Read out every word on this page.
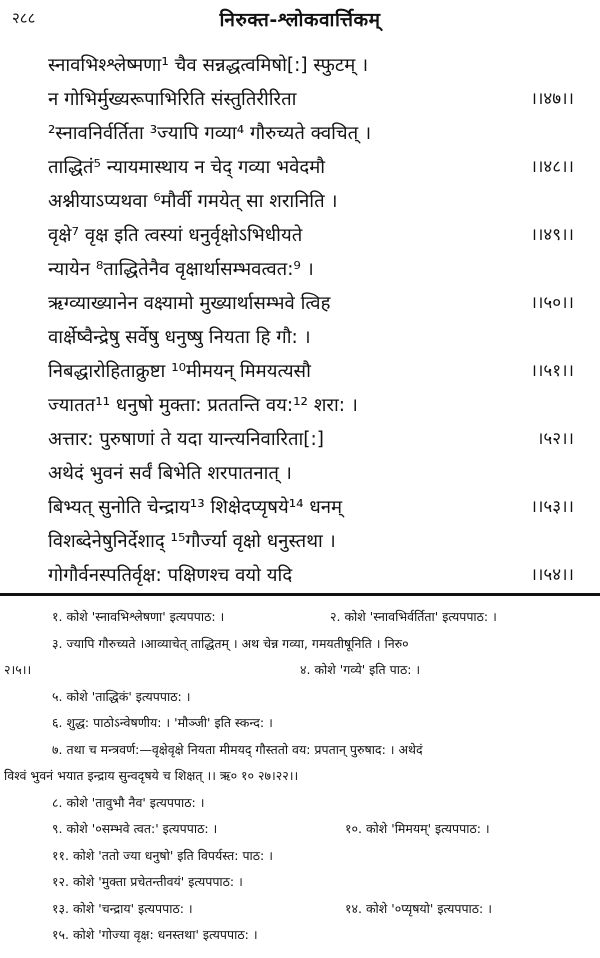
२८८	निरुक्त-श्लोकवार्त्तिकम्
स्नावभिश्श्लेष्मणा¹ चैव सन्नद्धत्वमिषो[:] स्फुटम् ।
न गोभिर्मुख्यरूपाभिरिति संस्तुतिरीरिता	।।४७।।
²स्नावनिर्वर्तिता ³ज्यापि गव्या⁴ गौरुच्यते क्वचित् ।
ताद्धितं⁵ न्यायमास्थाय न चेद् गव्या भवेदमौ	।।४८।।
अश्नीयाऽप्यथवा ⁶मौर्वी गमयेत् सा शरानिति ।
वृक्षे⁷ वृक्ष इति त्वस्यां धनुर्वृक्षोऽभिधीयते	।।४९।।
न्यायेन ⁸ताद्धितेनैव वृक्षार्थासम्भवत्वत:⁹ ।
ऋग्व्याख्यानेन वक्ष्यामो मुख्यार्थासम्भवे त्विह	।।५०।।
वार्क्षेष्वैन्द्रेषु सर्वेषु धनुष्षु नियता हि गौ: ।
निबद्धारोहिताक्रुष्टा ¹⁰मीमयन् मिमयत्यसौ	।।५१।।
ज्यातत¹¹ धनुषो मुक्ता: प्रततन्ति वय:¹² शरा: ।
अत्तार: पुरुषाणां ते यदा यान्त्यनिवारिता[:]	।५२।।
अथेदं भुवनं सर्वं बिभेति शरपातनात् ।
बिभ्यत् सुनोति चेन्द्राय¹³ शिक्षेदप्यृषये¹⁴ धनम्	।।५३।।
विशब्देनेषुनिर्देशाद् ¹⁵गौर्ज्या वृक्षो धनुस्तथा ।
गोगौर्वनस्पतिर्वृक्ष: पक्षिणश्च वयो यदि	।।५४।।
१. कोशे 'स्नावभिश्लेषणा' इत्यपपाठ: ।	२. कोशे 'स्नावभिर्वर्तिता' इत्यपपाठ: ।
३. ज्यापि गौरुच्यते ।आव्याचेत् ताद्धितम् । अथ चेन्न गव्या, गमयतीषूनिति । निरु०
२।५।।	४. कोशे 'गव्ये' इति पाठ: ।
५. कोशे 'ताद्धिकं' इत्यपपाठ: ।
६. शुद्ध: पाठोऽन्वेषणीय: । 'मौञ्जी' इति स्कन्द: ।
७. तथा च मन्त्रवर्ण:—वृक्षेवृक्षे नियता मीमयद् गौस्ततो वय: प्रपतान् पुरुषाद: । अथेदं
विश्वं भुवनं भयात इन्द्राय सुन्वदृषये च शिक्षत् ।। ऋ० १० २७।२२।।
८. कोशे 'तावुभौ नैव' इत्यपपाठ: ।
९. कोशे '०सम्भवे त्वत:' इत्यपपाठ: ।	१०. कोशे 'मिमयम्' इत्यपपाठ: ।
११. कोशे 'ततो ज्या धनुषो' इति विपर्यस्त: पाठ: ।
१२. कोशे 'मुक्ता प्रचेतन्तीवयं' इत्यपपाठ: ।
१३. कोशे 'चन्द्राय' इत्यपपाठ: ।	१४. कोशे '०प्यृषयो' इत्यपपाठ: ।
१५. कोशे 'गोज्या वृक्ष: धनस्तथा' इत्यपपाठ: ।
